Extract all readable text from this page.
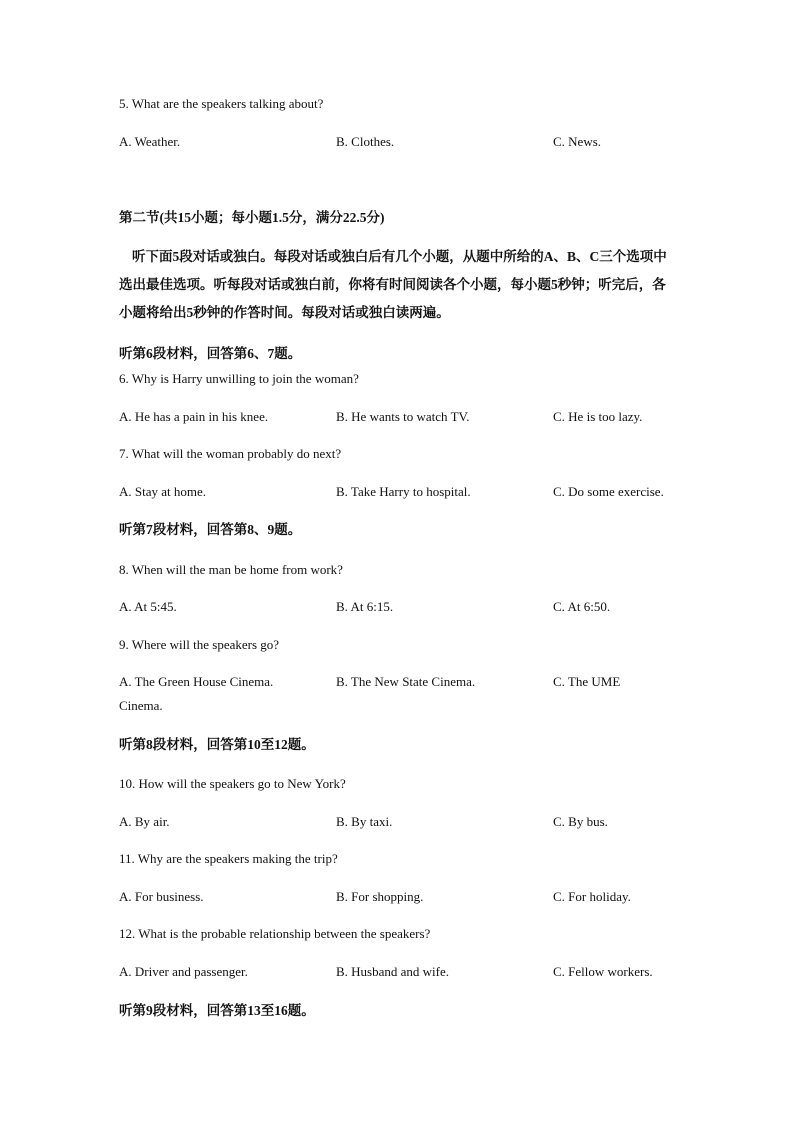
5. What are the speakers talking about?
A. Weather.	B. Clothes.	C. News.
第二节(共15小题；每小题1.5分，满分22.5分)
听下面5段对话或独白。每段对话或独白后有几个小题，从题中所给的A、B、C三个选项中选出最佳选项。听每段对话或独白前，你将有时间阅读各个小题，每小题5秒钟；听完后，各小题将给出5秒钟的作答时间。每段对话或独白读两遍。
听第6段材料，回答第6、7题。
6. Why is Harry unwilling to join the woman?
A. He has a pain in his knee.	B. He wants to watch TV.	C. He is too lazy.
7. What will the woman probably do next?
A. Stay at home.	B. Take Harry to hospital.	C. Do some exercise.
听第7段材料，回答第8、9题。
8. When will the man be home from work?
A. At 5:45.	B. At 6:15.	C. At 6:50.
9. Where will the speakers go?
A. The Green House Cinema.	B. The New State Cinema.	C. The UME
Cinema.
听第8段材料，回答第10至12题。
10. How will the speakers go to New York?
A. By air.	B. By taxi.	C. By bus.
11. Why are the speakers making the trip?
A. For business.	B. For shopping.	C. For holiday.
12. What is the probable relationship between the speakers?
A. Driver and passenger.	B. Husband and wife.	C. Fellow workers.
听第9段材料，回答第13至16题。
